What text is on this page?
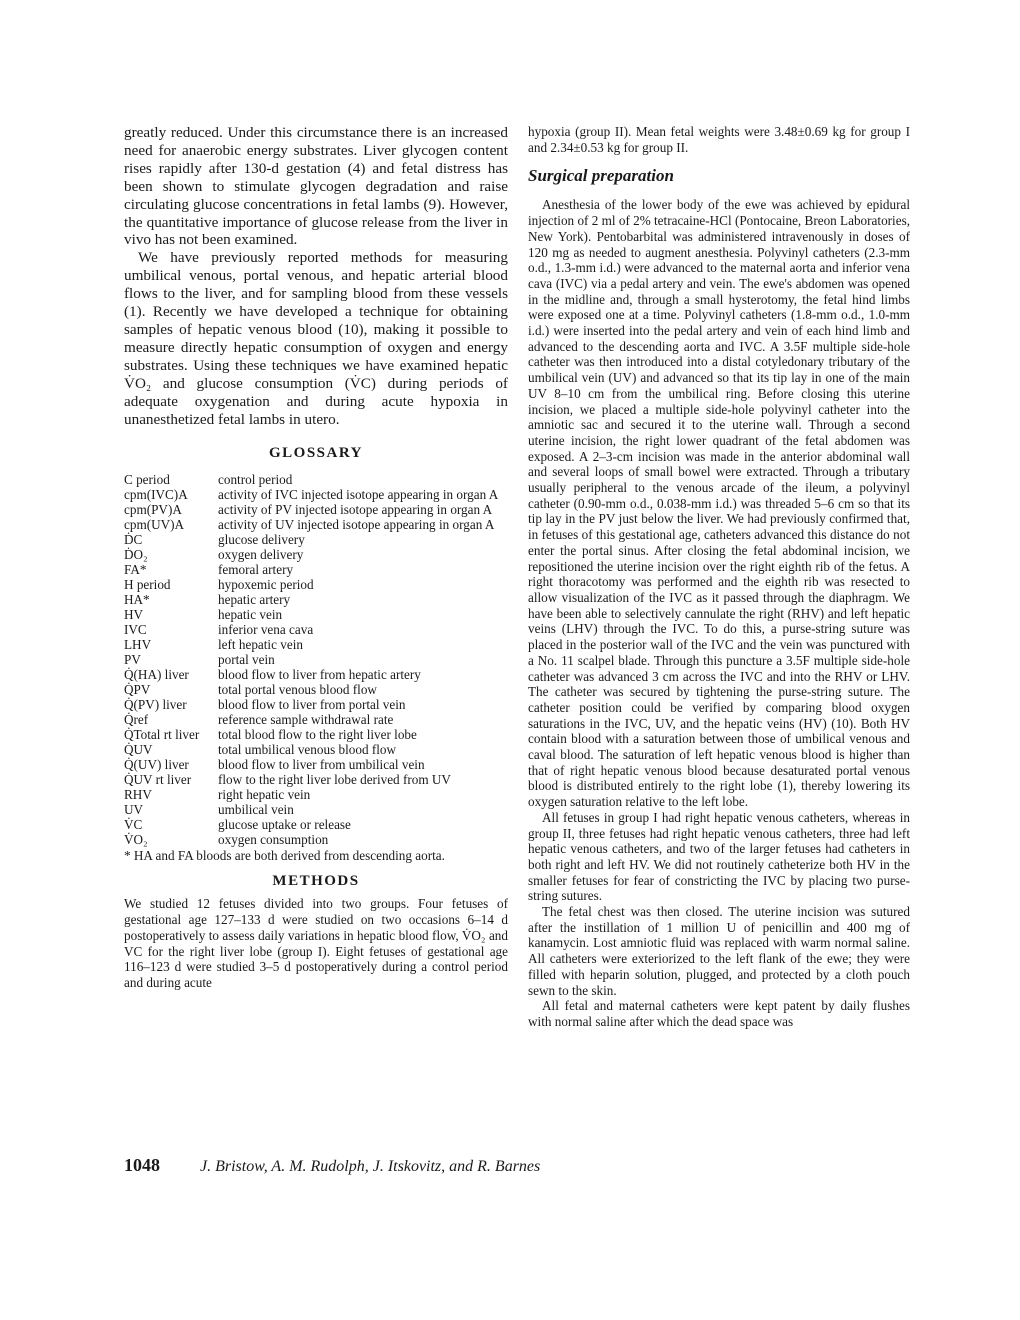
greatly reduced. Under this circumstance there is an increased need for anaerobic energy substrates. Liver glycogen content rises rapidly after 130-d gestation (4) and fetal distress has been shown to stimulate glycogen degradation and raise circulating glucose concentrations in fetal lambs (9). However, the quantitative importance of glucose release from the liver in vivo has not been examined.

We have previously reported methods for measuring umbilical venous, portal venous, and hepatic arterial blood flows to the liver, and for sampling blood from these vessels (1). Recently we have developed a technique for obtaining samples of hepatic venous blood (10), making it possible to measure directly hepatic consumption of oxygen and energy substrates. Using these techniques we have examined hepatic V̇O₂ and glucose consumption (V̇C) during periods of adequate oxygenation and during acute hypoxia in unanesthetized fetal lambs in utero.

GLOSSARY
C period	control period
cpm(IVC)A	activity of IVC injected isotope appearing in organ A
cpm(PV)A	activity of PV injected isotope appearing in organ A
cpm(UV)A	activity of UV injected isotope appearing in organ A
ḊC	glucose delivery
ḊO₂	oxygen delivery
FA*	femoral artery
H period	hypoxemic period
HA*	hepatic artery
HV	hepatic vein
IVC	inferior vena cava
LHV	left hepatic vein
PV	portal vein
Q̇(HA) liver	blood flow to liver from hepatic artery
Q̇PV	total portal venous blood flow
Q̇(PV) liver	blood flow to liver from portal vein
Q̇ref	reference sample withdrawal rate
Q̇Total rt liver	total blood flow to the right liver lobe
Q̇UV	total umbilical venous blood flow
Q̇(UV) liver	blood flow to liver from umbilical vein
Q̇UV rt liver	flow to the right liver lobe derived from UV
RHV	right hepatic vein
UV	umbilical vein
V̇C	glucose uptake or release
V̇O₂	oxygen consumption

* HA and FA bloods are both derived from descending aorta.

METHODS

We studied 12 fetuses divided into two groups. Four fetuses of gestational age 127–133 d were studied on two occasions 6–14 d postoperatively to assess daily variations in hepatic blood flow, V̇O₂ and VC for the right liver lobe (group I). Eight fetuses of gestational age 116–123 d were studied 3–5 d postoperatively during a control period and during acute

hypoxia (group II). Mean fetal weights were 3.48±0.69 kg for group I and 2.34±0.53 kg for group II.

Surgical preparation

Anesthesia of the lower body of the ewe was achieved by epidural injection of 2 ml of 2% tetracaine-HCl (Pontocaine, Breon Laboratories, New York). Pentobarbital was administered intravenously in doses of 120 mg as needed to augment anesthesia. Polyvinyl catheters (2.3-mm o.d., 1.3-mm i.d.) were advanced to the maternal aorta and inferior vena cava (IVC) via a pedal artery and vein. The ewe's abdomen was opened in the midline and, through a small hysterotomy, the fetal hind limbs were exposed one at a time. Polyvinyl catheters (1.8-mm o.d., 1.0-mm i.d.) were inserted into the pedal artery and vein of each hind limb and advanced to the descending aorta and IVC. A 3.5F multiple side-hole catheter was then introduced into a distal cotyledonary tributary of the umbilical vein (UV) and advanced so that its tip lay in one of the main UV 8–10 cm from the umbilical ring. Before closing this uterine incision, we placed a multiple side-hole polyvinyl catheter into the amniotic sac and secured it to the uterine wall. Through a second uterine incision, the right lower quadrant of the fetal abdomen was exposed. A 2–3-cm incision was made in the anterior abdominal wall and several loops of small bowel were extracted. Through a tributary usually peripheral to the venous arcade of the ileum, a polyvinyl catheter (0.90-mm o.d., 0.038-mm i.d.) was threaded 5–6 cm so that its tip lay in the PV just below the liver. We had previously confirmed that, in fetuses of this gestational age, catheters advanced this distance do not enter the portal sinus. After closing the fetal abdominal incision, we repositioned the uterine incision over the right eighth rib of the fetus. A right thoracotomy was performed and the eighth rib was resected to allow visualization of the IVC as it passed through the diaphragm. We have been able to selectively cannulate the right (RHV) and left hepatic veins (LHV) through the IVC. To do this, a purse-string suture was placed in the posterior wall of the IVC and the vein was punctured with a No. 11 scalpel blade. Through this puncture a 3.5F multiple side-hole catheter was advanced 3 cm across the IVC and into the RHV or LHV. The catheter was secured by tightening the purse-string suture. The catheter position could be verified by comparing blood oxygen saturations in the IVC, UV, and the hepatic veins (HV) (10). Both HV contain blood with a saturation between those of umbilical venous and caval blood. The saturation of left hepatic venous blood is higher than that of right hepatic venous blood because desaturated portal venous blood is distributed entirely to the right lobe (1), thereby lowering its oxygen saturation relative to the left lobe.

All fetuses in group I had right hepatic venous catheters, whereas in group II, three fetuses had right hepatic venous catheters, three had left hepatic venous catheters, and two of the larger fetuses had catheters in both right and left HV. We did not routinely catheterize both HV in the smaller fetuses for fear of constricting the IVC by placing two purse-string sutures.

The fetal chest was then closed. The uterine incision was sutured after the instillation of 1 million U of penicillin and 400 mg of kanamycin. Lost amniotic fluid was replaced with warm normal saline. All catheters were exteriorized to the left flank of the ewe; they were filled with heparin solution, plugged, and protected by a cloth pouch sewn to the skin.

All fetal and maternal catheters were kept patent by daily flushes with normal saline after which the dead space was

1048	J. Bristow, A. M. Rudolph, J. Itskovitz, and R. Barnes
